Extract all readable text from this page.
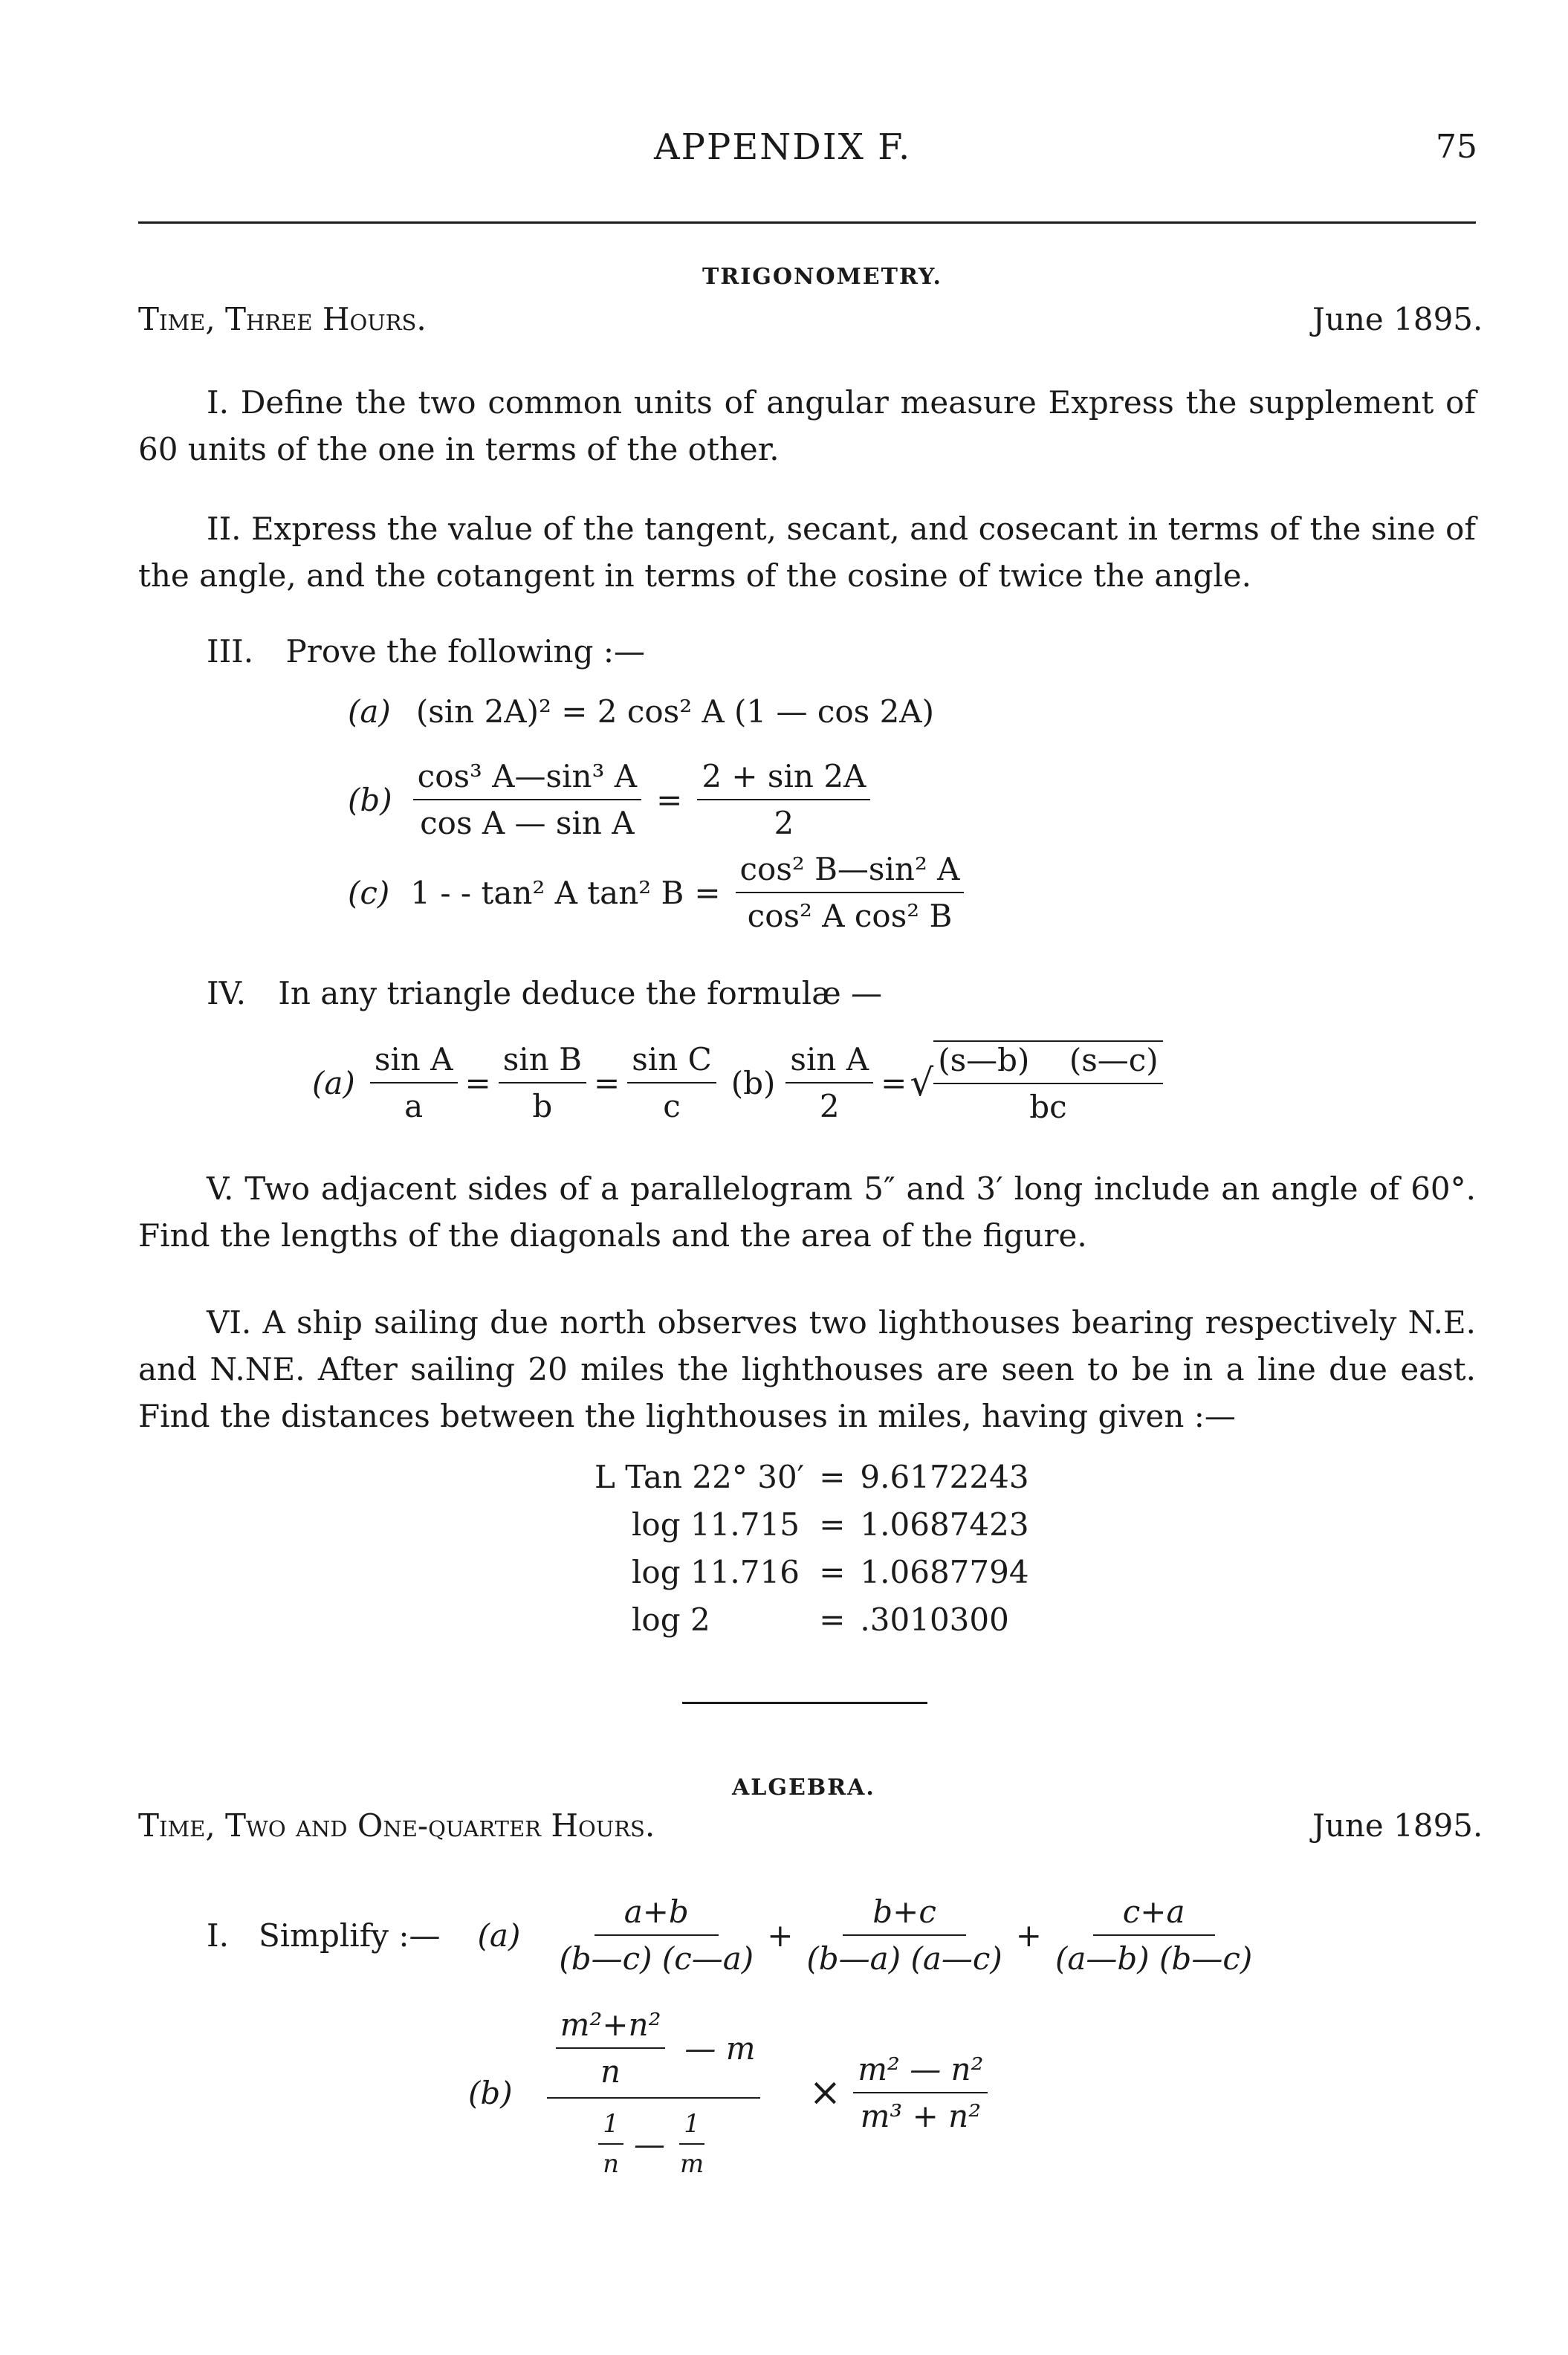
APPENDIX F.	75
TRIGONOMETRY.
Time, Three Hours.	June 1895.
I. Define the two common units of angular measure Express the supplement of 60 units of the one in terms of the other.
II. Express the value of the tangent, secant, and cosecant in terms of the sine of the angle, and the cotangent in terms of the cosine of twice the angle.
III. Prove the following :—
(a) (sin 2A)² = 2 cos² A (1 — cos 2A)
$(b) \frac{\text{cos³ A—sin³ A}}{\text{cos A — sin A}} = \frac{2 + \sin 2A}{2}$
(c) 1 - - tan² A tan² $B = \frac{\text{cos² B—sin² A}}{\text{cos² A cos² B}}$
IV. In any triangle deduce the formulæ —
$(a) \frac{\text{sin A}}{a} = \frac{\text{sin B}}{b} = \frac{\text{sin C}}{c} (b) \frac{\text{sin A}}{2}$ = √ $\frac{(s—b) (s—c)}{bc}$
V. Two adjacent sides of a parallelogram 5″ and 3′ long include an angle of 60°. Find the lengths of the diagonals and the area of the figure.
VI. A ship sailing due north observes two lighthouses bearing respectively N.E. and N.NE. After sailing 20 miles the lighthouses are seen to be in a line due east. Find the distances between the lighthouses in miles, having given :—
L Tan 22° 30′	=	9.6172243
log 11.715	=	1.0687423
log 11.716	=	1.0687794
log 2	=	.3010300
ALGEBRA.
Time, Two and One-quarter Hours.	June 1895.
I. Simplify :— $(a) \frac{a+b}{(b—c) (c—a)} + \frac{b+c}{(b—a) (a—c)} + \frac{c+a}{(a—b) (b—c)}$
$(b) \frac{\frac{\text{m²+n²}}{n} — m}{\frac{1}{n} — \frac{1}{m}} \times \frac{\text{m² — n²}}{\text{m³ + n²}}$
